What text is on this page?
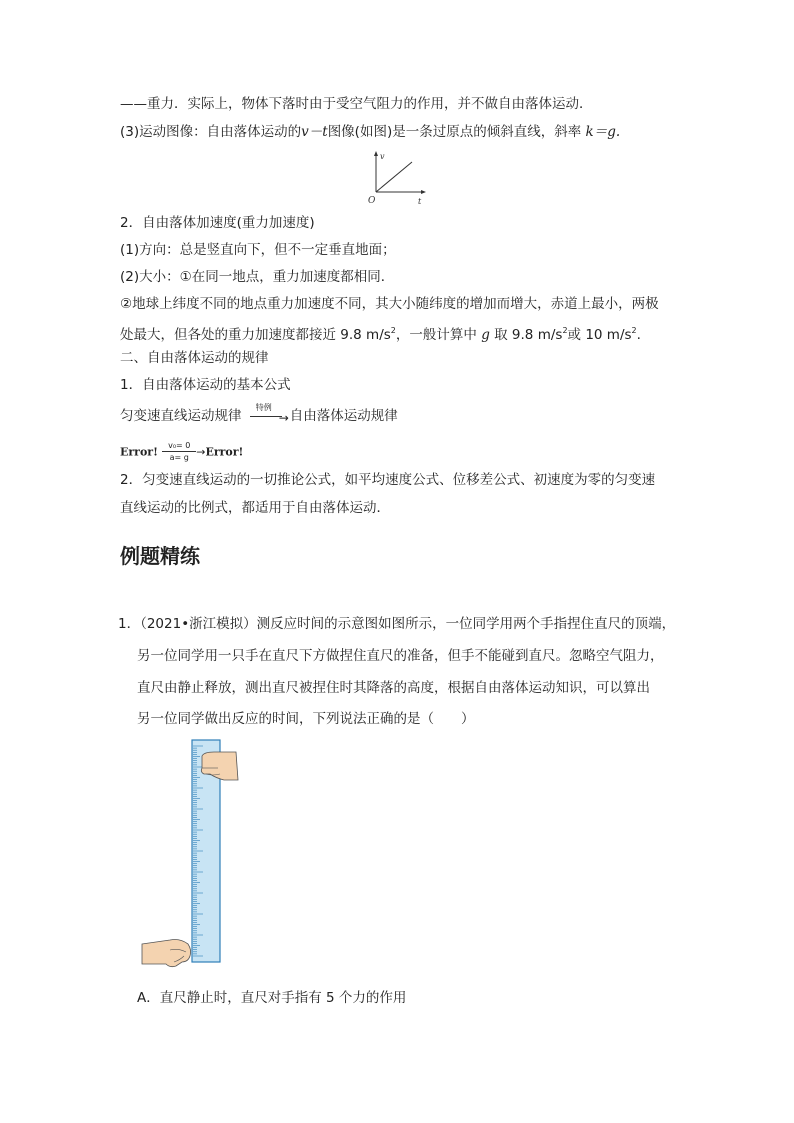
——重力．实际上，物体下落时由于受空气阻力的作用，并不做自由落体运动．
(3)运动图像：自由落体运动的v－t图像(如图)是一条过原点的倾斜直线，斜率 k＝g.
v
t
O
2．自由落体加速度(重力加速度)
(1)方向：总是竖直向下，但不一定垂直地面；
(2)大小：①在同一地点，重力加速度都相同．
②地球上纬度不同的地点重力加速度不同，其大小随纬度的增加而增大，赤道上最小，两极
处最大，但各处的重力加速度都接近 9.8 $m/s^2$，一般计算中 g 取 9.8 $m/s^2$或 10 $m/s^2$.
二、自由落体运动的规律
1．自由落体运动的基本公式
匀变速直线运动规律
特例
→ 自由落体运动规律
Error! $\frac{\text{v₀= 0}}{a= g}$ →Error!
2．匀变速直线运动的一切推论公式，如平均速度公式、位移差公式、初速度为零的匀变速
直线运动的比例式，都适用于自由落体运动．
例题精练
1．（2021•浙江模拟）测反应时间的示意图如图所示，一位同学用两个手指捏住直尺的顶端，
另一位同学用一只手在直尺下方做捏住直尺的准备，但手不能碰到直尺。忽略空气阻力，
直尺由静止释放，测出直尺被捏住时其降落的高度，根据自由落体运动知识，可以算出
另一位同学做出反应的时间，下列说法正确的是（　　）
A．直尺静止时，直尺对手指有 5 个力的作用
